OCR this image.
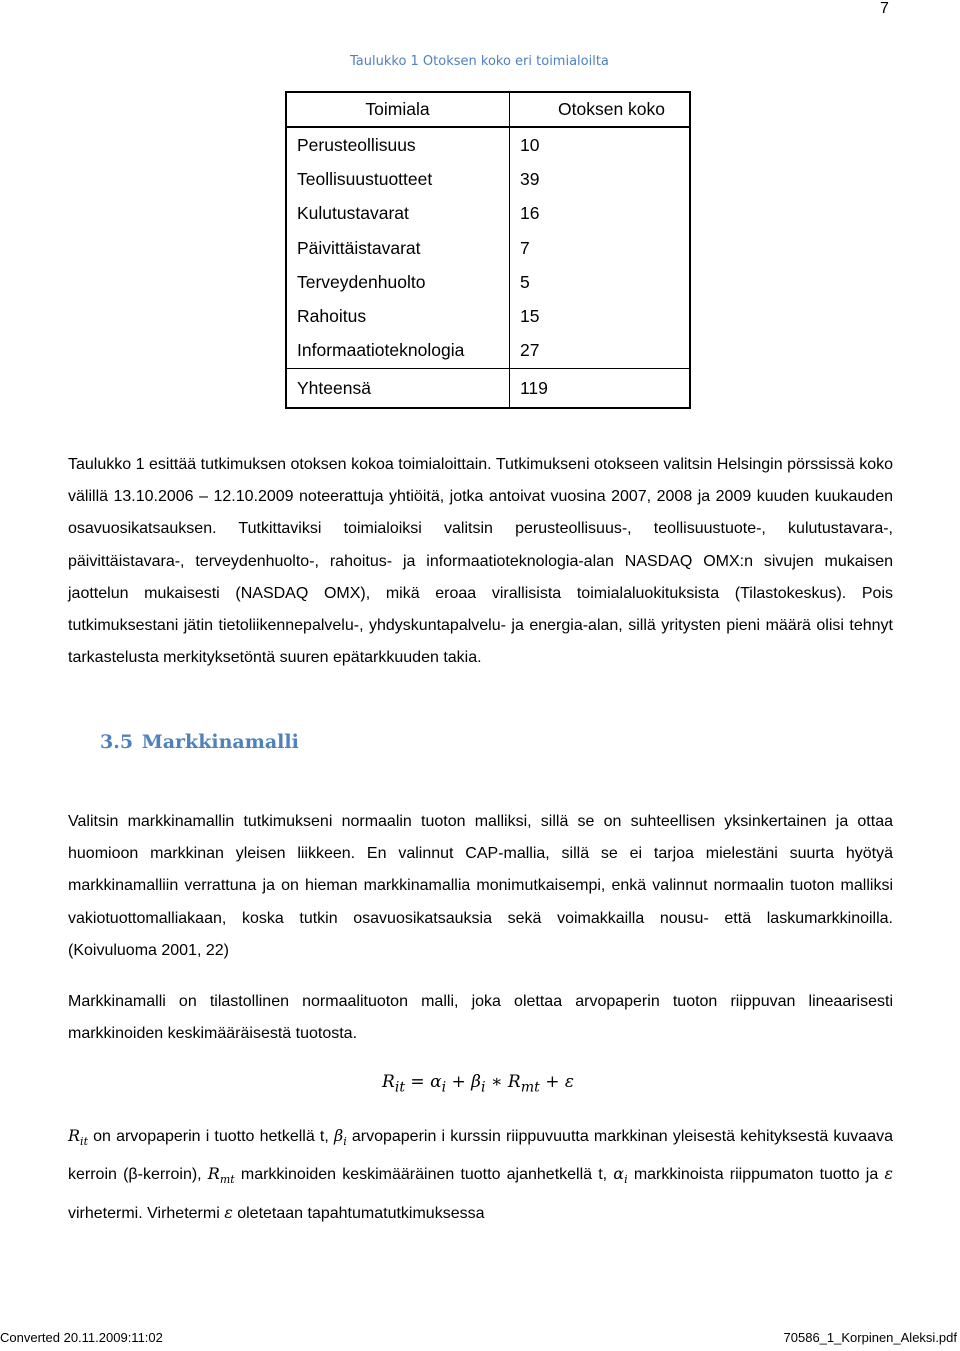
7
Taulukko 1 Otoksen koko eri toimialoilta
Toimiala	Otoksen koko
Perusteollisuus	10
Teollisuustuotteet	39
Kulutustavarat	16
Päivittäistavarat	7
Terveydenhuolto	5
Rahoitus	15
Informaatioteknologia	27
Yhteensä	119

Taulukko 1 esittää tutkimuksen otoksen kokoa toimialoittain. Tutkimukseni otokseen valitsin Helsingin pörssissä koko välillä 13.10.2006 – 12.10.2009 noteerattuja yhtiöitä, jotka antoivat vuosina 2007, 2008 ja 2009 kuuden kuukauden osavuosikatsauksen. Tutkittaviksi toimialoiksi valitsin perusteollisuus-, teollisuustuote-, kulutustavara-, päivittäistavara-, terveydenhuolto-, rahoitus- ja informaatioteknologia-alan NASDAQ OMX:n sivujen mukaisen jaottelun mukaisesti (NASDAQ OMX), mikä eroaa virallisista toimialaluokituksista (Tilastokeskus). Pois tutkimuksestani jätin tietoliikennepalvelu-, yhdyskuntapalvelu- ja energia-alan, sillä yritysten pieni määrä olisi tehnyt tarkastelusta merkityksetöntä suuren epätarkkuuden takia.

3.5 Markkinamalli

Valitsin markkinamallin tutkimukseni normaalin tuoton malliksi, sillä se on suhteellisen yksinkertainen ja ottaa huomioon markkinan yleisen liikkeen. En valinnut CAP-mallia, sillä se ei tarjoa mielestäni suurta hyötyä markkinamalliin verrattuna ja on hieman markkinamallia monimutkaisempi, enkä valinnut normaalin tuoton malliksi vakiotuottomalliakaan, koska tutkin osavuosikatsauksia sekä voimakkailla nousu- että laskumarkkinoilla. (Koivuluoma 2001, 22)

Markkinamalli on tilastollinen normaalituoton malli, joka olettaa arvopaperin tuoton riippuvan lineaarisesti markkinoiden keskimääräisestä tuotosta.

$R_{it} = \alpha_i + \beta_i$ ∗ $R_{mt} + \varepsilon$

$R_{it}$ on arvopaperin i tuotto hetkellä t, $\beta_i$ arvopaperin i kurssin riippuvuutta markkinan yleisestä kehityksestä kuvaava kerroin (β-kerroin), $R_{mt}$ markkinoiden keskimääräinen tuotto ajanhetkellä t, $\alpha_i$ markkinoista riippumaton tuotto ja ε virhetermi. Virhetermi ε oletetaan tapahtumatutkimuksessa

Converted 20.11.2009:11:02	70586_1_Korpinen_Aleksi.pdf
